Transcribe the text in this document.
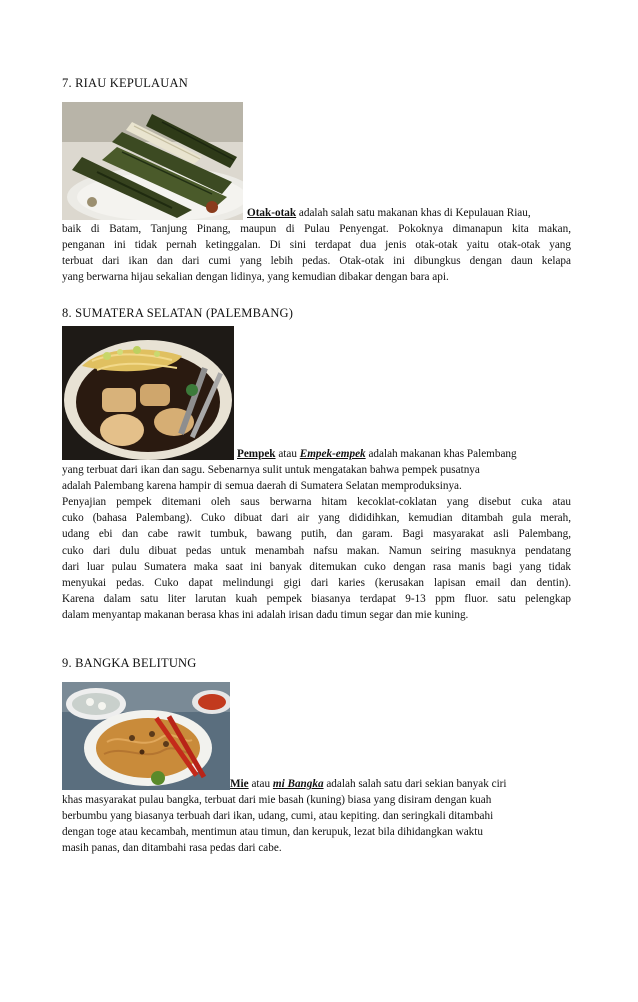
7. RIAU KEPULAUAN
Otak-otak adalah salah satu makanan khas di Kepulauan Riau,
baik di Batam, Tanjung Pinang, maupun di Pulau Penyengat. Pokoknya dimanapun kita makan,
penganan ini tidak pernah ketinggalan. Di sini terdapat dua jenis otak-otak yaitu otak-otak yang
terbuat dari ikan dan dari cumi yang lebih pedas. Otak-otak ini dibungkus dengan daun kelapa
yang berwarna hijau sekalian dengan lidinya, yang kemudian dibakar dengan bara api.
8. SUMATERA SELATAN (PALEMBANG)
Pempek atau Empek-empek adalah makanan khas Palembang
yang terbuat dari ikan dan sagu. Sebenarnya sulit untuk mengatakan bahwa pempek pusatnya
adalah Palembang karena hampir di semua daerah di Sumatera Selatan memproduksinya.
Penyajian pempek ditemani oleh saus berwarna hitam kecoklat-coklatan yang disebut cuka atau
cuko (bahasa Palembang). Cuko dibuat dari air yang dididihkan, kemudian ditambah gula merah,
udang ebi dan cabe rawit tumbuk, bawang putih, dan garam. Bagi masyarakat asli Palembang,
cuko dari dulu dibuat pedas untuk menambah nafsu makan. Namun seiring masuknya pendatang
dari luar pulau Sumatera maka saat ini banyak ditemukan cuko dengan rasa manis bagi yang tidak
menyukai pedas. Cuko dapat melindungi gigi dari karies (kerusakan lapisan email dan dentin).
Karena dalam satu liter larutan kuah pempek biasanya terdapat 9-13 ppm fluor. satu pelengkap
dalam menyantap makanan berasa khas ini adalah irisan dadu timun segar dan mie kuning.
9. BANGKA BELITUNG
Mie atau mi Bangka adalah salah satu dari sekian banyak ciri
khas masyarakat pulau bangka, terbuat dari mie basah (kuning) biasa yang disiram dengan kuah
berbumbu yang biasanya terbuah dari ikan, udang, cumi, atau kepiting. dan seringkali ditambahi
dengan toge atau kecambah, mentimun atau timun, dan kerupuk, lezat bila dihidangkan waktu
masih panas, dan ditambahi rasa pedas dari cabe.
